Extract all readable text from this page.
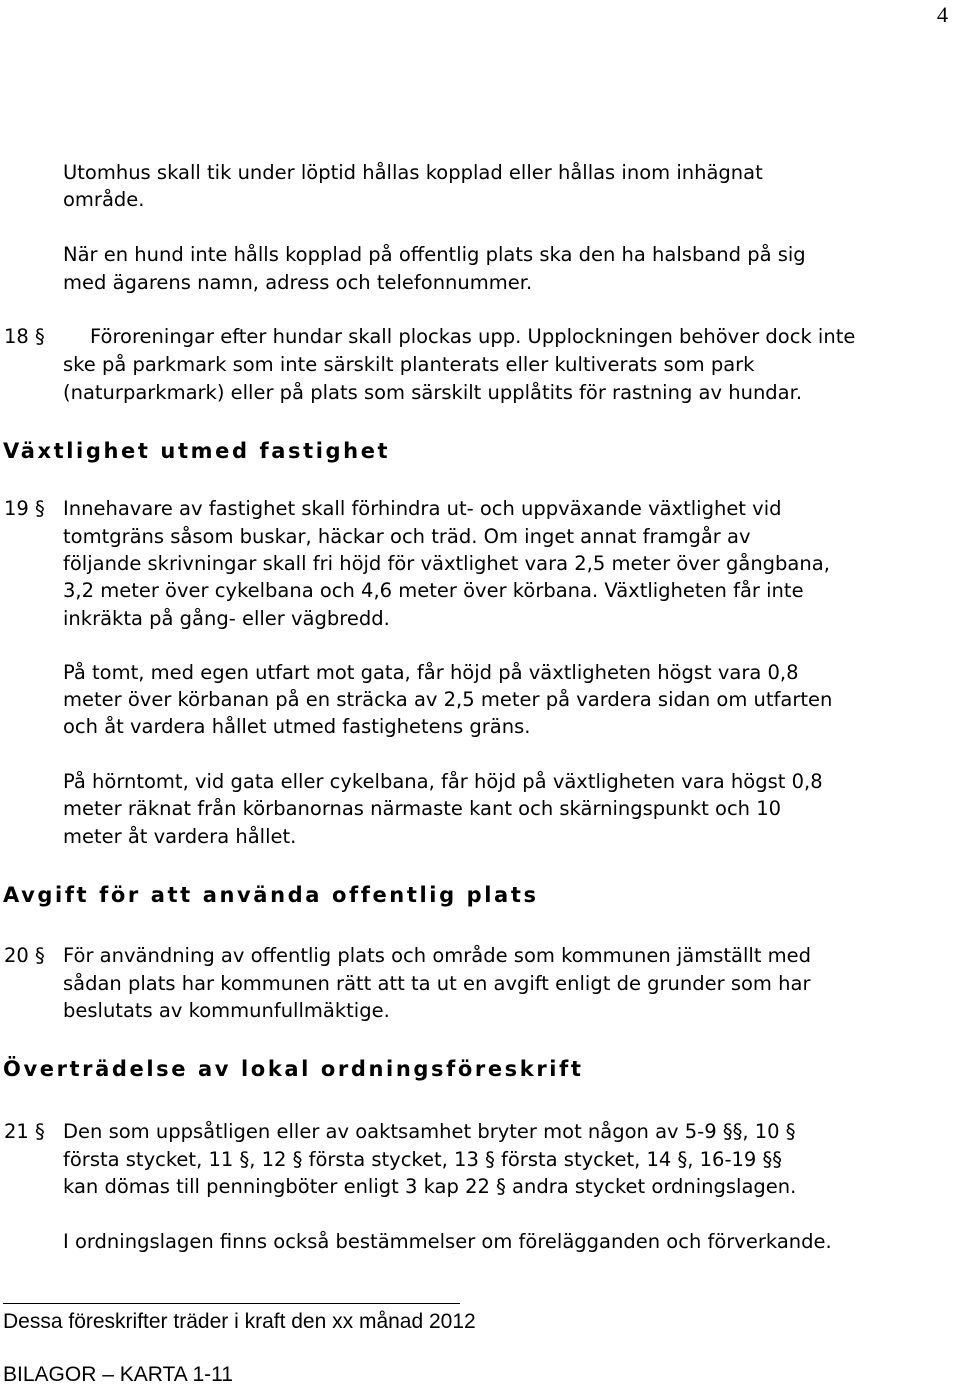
4

Utomhus skall tik under löptid hållas kopplad eller hållas inom inhägnat

område.

När en hund inte hålls kopplad på offentlig plats ska den ha halsband på sig

med ägarens namn, adress och telefonnummer.

18 § Föroreningar efter hundar skall plockas upp. Upplockningen behöver dock inte

ske på parkmark som inte särskilt planterats eller kultiverats som park

(naturparkmark) eller på plats som särskilt upplåtits för rastning av hundar.

Växtlighet utmed fastighet

19 § Innehavare av fastighet skall förhindra ut- och uppväxande växtlighet vid

tomtgräns såsom buskar, häckar och träd. Om inget annat framgår av

följande skrivningar skall fri höjd för växtlighet vara 2,5 meter över gångbana,

3,2 meter över cykelbana och 4,6 meter över körbana. Växtligheten får inte

inkräkta på gång- eller vägbredd.

På tomt, med egen utfart mot gata, får höjd på växtligheten högst vara 0,8

meter över körbanan på en sträcka av 2,5 meter på vardera sidan om utfarten

och åt vardera hållet utmed fastighetens gräns.

På hörntomt, vid gata eller cykelbana, får höjd på växtligheten vara högst 0,8

meter räknat från körbanornas närmaste kant och skärningspunkt och 10

meter åt vardera hållet.

Avgift för att använda offentlig plats

20 § För användning av offentlig plats och område som kommunen jämställt med

sådan plats har kommunen rätt att ta ut en avgift enligt de grunder som har

beslutats av kommunfullmäktige.

Överträdelse av lokal ordningsföreskrift

21 § Den som uppsåtligen eller av oaktsamhet bryter mot någon av 5-9 §§, 10 §

första stycket, 11 §, 12 § första stycket, 13 § första stycket, 14 §, 16-19 §§

kan dömas till penningböter enligt 3 kap 22 § andra stycket ordningslagen.

I ordningslagen finns också bestämmelser om förelägganden och förverkande.

Dessa föreskrifter träder i kraft den xx månad 2012

BILAGOR – KARTA 1-11
